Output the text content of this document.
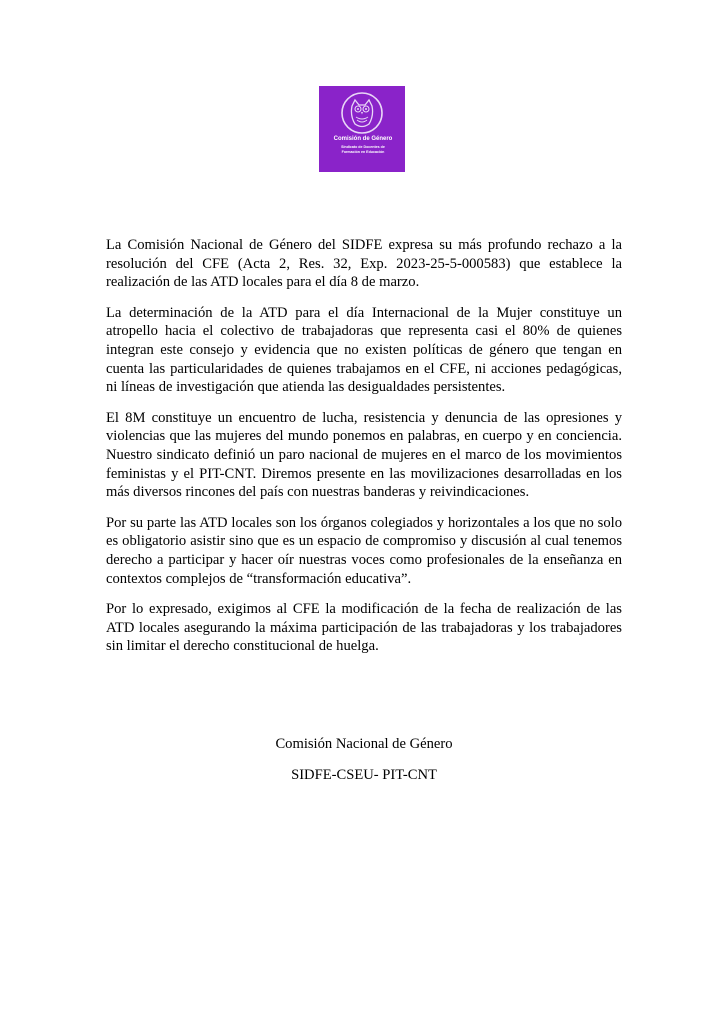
Comisión de Género
Sindicato de Docentes de
Formación en Educación

La Comisión Nacional de Género del SIDFE expresa su más profundo rechazo a la resolución del CFE (Acta 2, Res. 32, Exp. 2023-25-5-000583) que establece la realización de las ATD locales para el día 8 de marzo.

La determinación de la ATD para el día Internacional de la Mujer constituye un atropello hacia el colectivo de trabajadoras que representa casi el 80% de quienes integran este consejo y evidencia que no existen políticas de género que tengan en cuenta las particularidades de quienes trabajamos en el CFE, ni acciones pedagógicas, ni líneas de investigación que atienda las desigualdades persistentes.

El 8M constituye un encuentro de lucha, resistencia y denuncia de las opresiones y violencias que las mujeres del mundo ponemos en palabras, en cuerpo y en conciencia. Nuestro sindicato definió un paro nacional de mujeres en el marco de los movimientos feministas y el PIT-CNT. Diremos presente en las movilizaciones desarrolladas en los más diversos rincones del país con nuestras banderas y reivindicaciones.

Por su parte las ATD locales son los órganos colegiados y horizontales a los que no solo es obligatorio asistir sino que es un espacio de compromiso y discusión al cual tenemos derecho a participar y hacer oír nuestras voces como profesionales de la enseñanza en contextos complejos de “transformación educativa”.

Por lo expresado, exigimos al CFE la modificación de la fecha de realización de las ATD locales asegurando la máxima participación de las trabajadoras y los trabajadores sin limitar el derecho constitucional de huelga.

Comisión Nacional de Género
SIDFE-CSEU- PIT-CNT
